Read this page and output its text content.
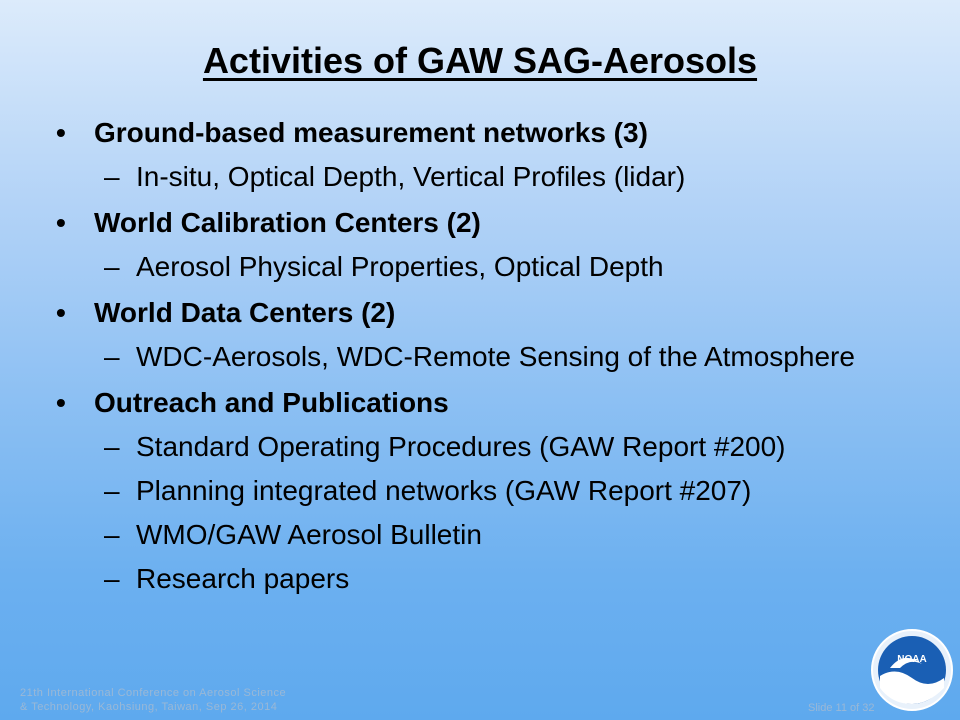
Activities of GAW SAG-Aerosols
•	Ground-based measurement networks (3)
– In-situ, Optical Depth, Vertical Profiles (lidar)
•	World Calibration Centers (2)
– Aerosol Physical Properties, Optical Depth
•	World Data Centers (2)
– WDC-Aerosols, WDC-Remote Sensing of the Atmosphere
•	Outreach and Publications
– Standard Operating Procedures (GAW Report #200)
– Planning integrated networks (GAW Report #207)
– WMO/GAW Aerosol Bulletin
– Research papers
21th International Conference on Aerosol Science
& Technology, Kaohsiung, Taiwan, Sep 26, 2014	Slide 11 of 32
NOAA
